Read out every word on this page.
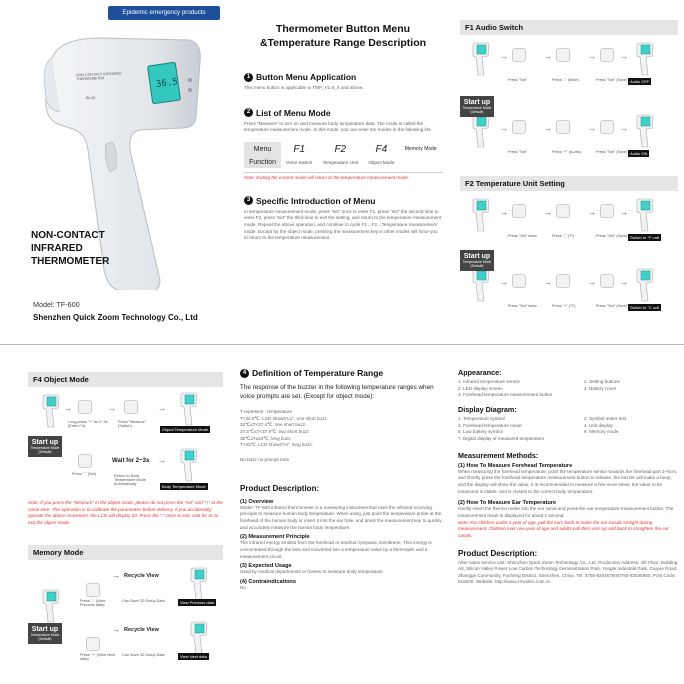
Epidemic emergency products
36.5
NON-CONTACT INFRARED THERMOMETER
BLUE
NON-CONTACT
INFRARED
THERMOMETER
Model: TF-600
Shenzhen Quick Zoom Technology Co., Ltd
Thermometer Button Menu
&Temperature Range Description
1 Button Menu Application
This menu button is applicable to TMP_V1.8_X and above.
2 List of Menu Mode
Press "Measure" to turn on and measure body temperature data. The mode is called the temperature measurement mode. In this mode, you can enter the modes in the following list.
Menu	F1	F2	F4	Memory Mode
Function	Voice Switch	Temperature Unit	Object Mode	
Note: Exiting the current mode will return to the temperature measurement mode.
3 Specific Introduction of Menu
In temperature measurement mode, press "set" once to enter F1, press "set" the second time to enter F2, press "set" the third time to exit the setting, and return to the temperature measurement mode. Repeat the above operation, and continue to cycle F1→F2→Temperature measurement mode. Except for the object mode, pressing the measurement key in other modes will force you to return to the temperature measurement.
F1 Audio Switch
→
Press "Set"
→
Press "-" (Mute)
→
Press "Set" (Save)
→
Audio OFF
→
Press "Set"
→
Press "+" (Audio)
→
Press "Set" (Save)
→
Audio ON
Start up
Temperature Mode (Default)
F2 Temperature Unit Setting
→
Press "Set" twice
→
Press "-" (°F)
→
Press "Set" (Save)
→
Switch to °F unit
→
Press "Set" twice
→
Press "+" (°C)
→
Press "Set" (Save)
→
Switch to °C unit
Start up
Temperature Mode (Default)
F4 Object Mode
→
Long press "+" for 2~3s (Enter F4)
→
Press "Measure" (Switch)
→
Object Temperature Mode
Start up
Temperature Mode (Default)
Press "-" (Set)
Wait for 2~3s →
Return to Body Temperature Mode Automatically	Body Temperature Mode
Note: If you press the "Measure" in the object mode, please do not press the "set" and "+" at the same time. This operation is to calibrate the parameters before delivery. If you accidentally operate the above movement, the LCD will display 33. Press the "-" once to exit, wait for 2s to exit the object mode.
Memory Mode
Start up
Temperature Mode (Default)
Press "-" (View Previous data)
→ Recycle View
Can Save 32 Group Data	View Previous data
Press "+" (View Next data)
→ Recycle View
Can Save 32 Group Data	View Next data
4 Definition of Temperature Range
The response of the buzzer in the following temperature ranges when voice prompts are set. (Except for object mode):
T represent : temperature
T<32.0℃, LCD shows"Lo", one short buzz.
32℃≤T<37.4℃, one short buzz.
37.5℃≤T<37.9℃, two short buzz.
38℃≤T≤43℃, long buzz.
T>43℃, LCD shows"Hi", long buzz.
No buzz no prompt tone
Product Description:
(1) Overview
Model: TF-600 infrared thermometer is a measuring instrument that uses the infrared receiving principle to measure human body temperature. When using, just point the temperature probe at the forehead of the human body or insert it into the ear hole, and press the measurement key to quickly and accurately measure the human body temperature.
(2) Measurement Principle
The infrared energy emitted from the forehead or eardrum tympanic membrane. This energy is concentrated through the lens and converted into a temperature value by a thermopile and a measurement circuit.
(3) Expected Usage
Used by medical departments or homes to measure body temperature.
(4) Contraindications
No
Appearance:
1. Infrared temperature sensor
2. LED display screen
3. Forehead temperature measurement button
2. Setting buttons
4. Battery cover
Display Diagram:
1. Temperature symbol
3. Forehead temperature mode
5. Low battery symbol
7. Digital display of measured temperature
2. Symbol under test
4. Unit display
6. Memory mode
Measurement Methods:
(1) How To Measure Forehead Temperature
When measuring the forehead temperature, point the temperature sensor towards the forehead part 3~5cm, and shortly press the forehead temperature measurement button to release, the buzzer will make a beep, and the display will show the value. It is recommended to measure a few more times, the value to be measured is stable, and is closest to the correct body temperature.
(2) How To Measure Ear Temperature
Gently insert the thermo meter into the ear canal and press the ear temperature measurement button. The measurement result is displayed for about 1 second.
Note: For children under 1 year of age, pull the ears back to make the ear canals straight during measurement. Children over one year of age and adults pull their ears up and back to straighten the ear canals.
Product Description:
After-sales service unit: Shenzhen Quick Zoom Technology Co., Ltd. Production Address: 4th Floor, Building A8, Silicon Valley Power Low Carbon Technology Demonstration Park, Yongle Industrial Park, Guiyue Road, Zhangge Community, Fucheng District, Shenzhen, China. Tel: 0755-82045760/0755-82045660. Post Code: 518000. Website: http://www.zmvideo.com.cn
